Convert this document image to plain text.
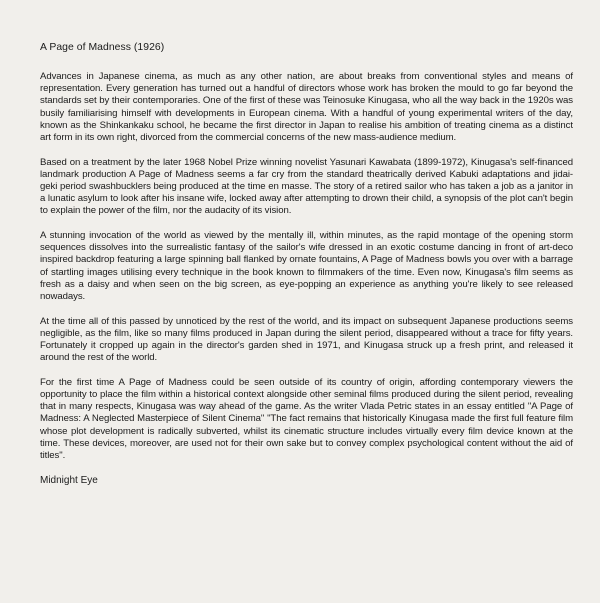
A Page of Madness (1926)

Advances in Japanese cinema, as much as any other nation, are about breaks from conventional styles and means of representation. Every generation has turned out a handful of directors whose work has broken the mould to go far beyond the standards set by their contemporaries. One of the first of these was Teinosuke Kinugasa, who all the way back in the 1920s was busily familiarising himself with developments in European cinema. With a handful of young experimental writers of the day, known as the Shinkankaku school, he became the first director in Japan to realise his ambition of treating cinema as a distinct art form in its own right, divorced from the commercial concerns of the new mass-audience medium.

Based on a treatment by the later 1968 Nobel Prize winning novelist Yasunari Kawabata (1899-1972), Kinugasa's self-financed landmark production A Page of Madness seems a far cry from the standard theatrically derived Kabuki adaptations and jidai-geki period swashbucklers being produced at the time en masse. The story of a retired sailor who has taken a job as a janitor in a lunatic asylum to look after his insane wife, locked away after attempting to drown their child, a synopsis of the plot can't begin to explain the power of the film, nor the audacity of its vision.

A stunning invocation of the world as viewed by the mentally ill, within minutes, as the rapid montage of the opening storm sequences dissolves into the surrealistic fantasy of the sailor's wife dressed in an exotic costume dancing in front of art-deco inspired backdrop featuring a large spinning ball flanked by ornate fountains, A Page of Madness bowls you over with a barrage of startling images utilising every technique in the book known to filmmakers of the time. Even now, Kinugasa's film seems as fresh as a daisy and when seen on the big screen, as eye-popping an experience as anything you're likely to see released nowadays.

At the time all of this passed by unnoticed by the rest of the world, and its impact on subsequent Japanese productions seems negligible, as the film, like so many films produced in Japan during the silent period, disappeared without a trace for fifty years. Fortunately it cropped up again in the director's garden shed in 1971, and Kinugasa struck up a fresh print, and released it around the rest of the world.

For the first time A Page of Madness could be seen outside of its country of origin, affording contemporary viewers the opportunity to place the film within a historical context alongside other seminal films produced during the silent period, revealing that in many respects, Kinugasa was way ahead of the game. As the writer Vlada Petric states in an essay entitled "A Page of Madness: A Neglected Masterpiece of Silent Cinema" "The fact remains that historically Kinugasa made the first full feature film whose plot development is radically subverted, whilst its cinematic structure includes virtually every film device known at the time. These devices, moreover, are used not for their own sake but to convey complex psychological content without the aid of titles".

Midnight Eye
